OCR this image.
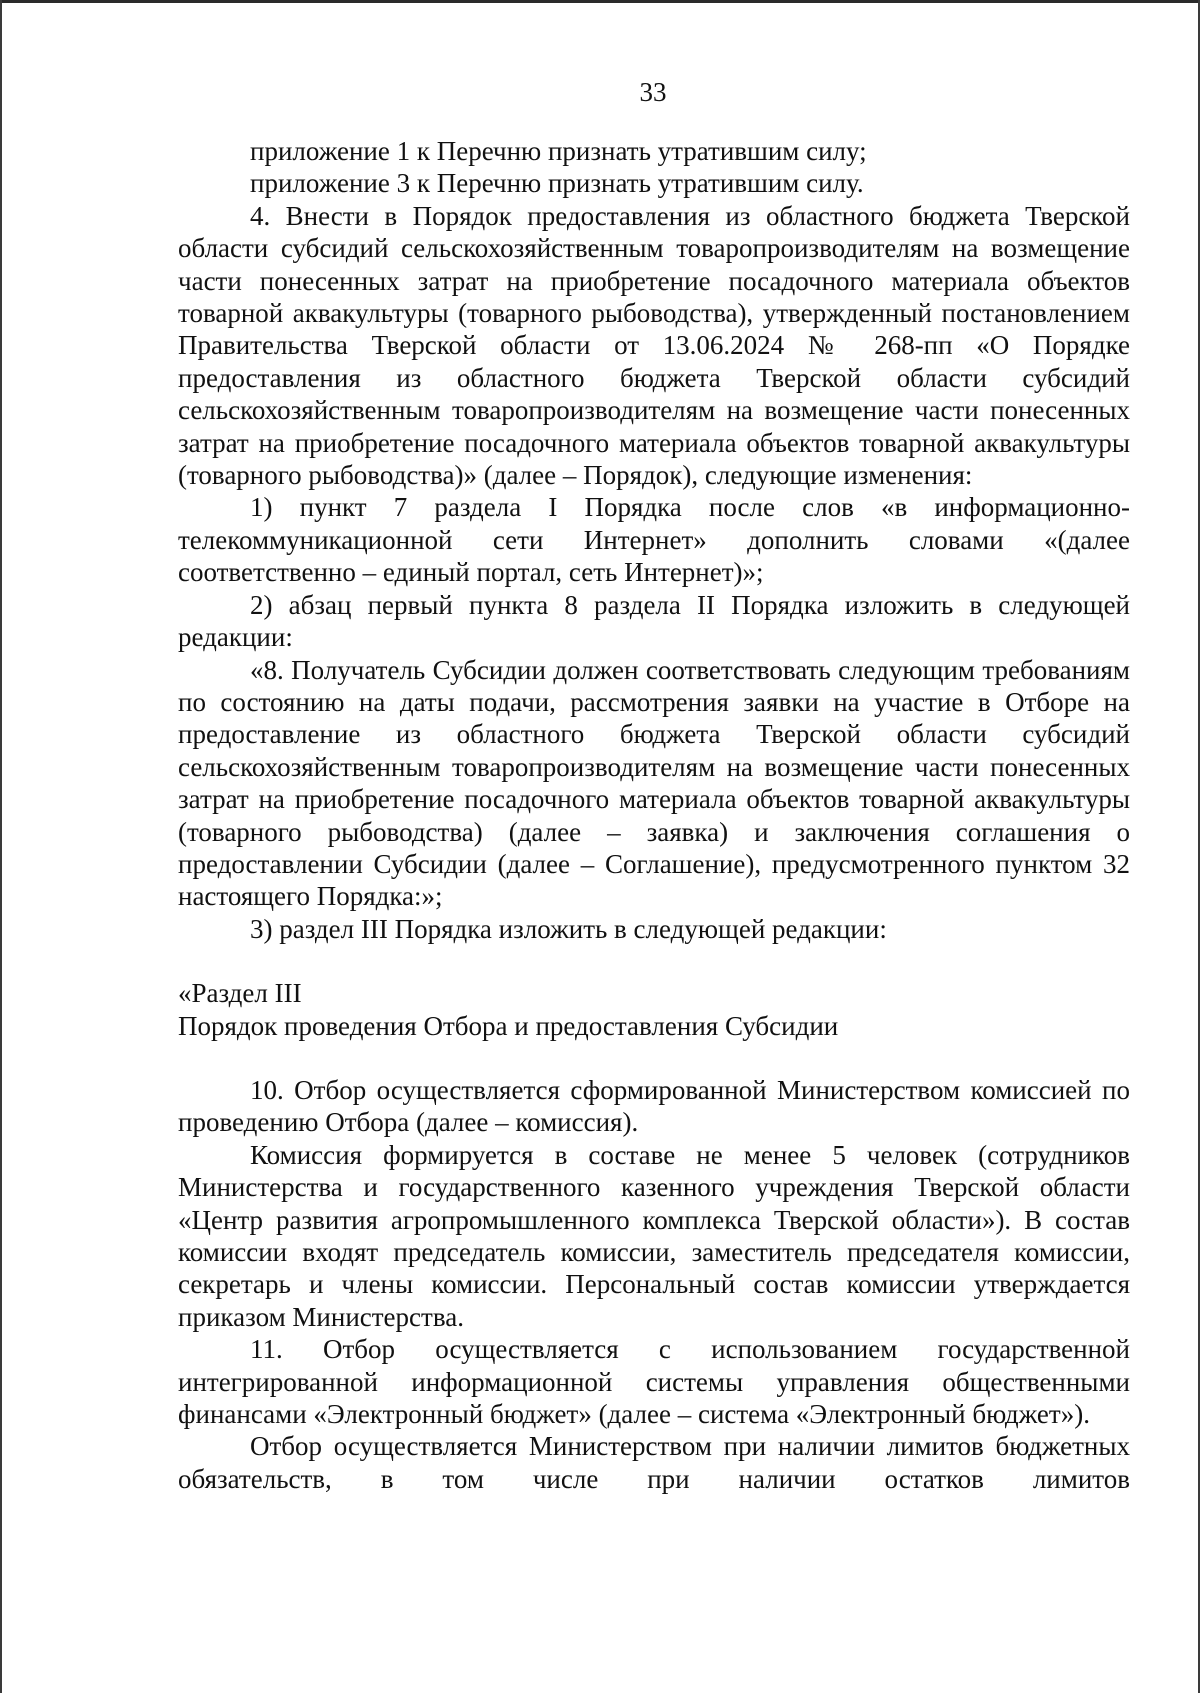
33

приложение 1 к Перечню признать утратившим силу;

приложение 3 к Перечню признать утратившим силу.

4. Внести в Порядок предоставления из областного бюджета Тверской области субсидий сельскохозяйственным товаропроизводителям на возмещение части понесенных затрат на приобретение посадочного материала объектов товарной аквакультуры (товарного рыбоводства), утвержденный постановлением Правительства Тверской области от 13.06.2024 № 268-пп «О Порядке предоставления из областного бюджета Тверской области субсидий сельскохозяйственным товаропроизводителям на возмещение части понесенных затрат на приобретение посадочного материала объектов товарной аквакультуры (товарного рыбоводства)» (далее – Порядок), следующие изменения:

1) пункт 7 раздела I Порядка после слов «в информационно-телекоммуникационной сети Интернет» дополнить словами «(далее соответственно – единый портал, сеть Интернет)»;

2) абзац первый пункта 8 раздела II Порядка изложить в следующей редакции:

«8. Получатель Субсидии должен соответствовать следующим требованиям по состоянию на даты подачи, рассмотрения заявки на участие в Отборе на предоставление из областного бюджета Тверской области субсидий сельскохозяйственным товаропроизводителям на возмещение части понесенных затрат на приобретение посадочного материала объектов товарной аквакультуры (товарного рыбоводства) (далее – заявка) и заключения соглашения о предоставлении Субсидии (далее – Соглашение), предусмотренного пунктом 32 настоящего Порядка:»;

3) раздел III Порядка изложить в следующей редакции:

«Раздел III

Порядок проведения Отбора и предоставления Субсидии

10. Отбор осуществляется сформированной Министерством комиссией по проведению Отбора (далее – комиссия).

Комиссия формируется в составе не менее 5 человек (сотрудников Министерства и государственного казенного учреждения Тверской области «Центр развития агропромышленного комплекса Тверской области»). В состав комиссии входят председатель комиссии, заместитель председателя комиссии, секретарь и члены комиссии. Персональный состав комиссии утверждается приказом Министерства.

11. Отбор осуществляется с использованием государственной интегрированной информационной системы управления общественными финансами «Электронный бюджет» (далее – система «Электронный бюджет»).

Отбор осуществляется Министерством при наличии лимитов бюджетных обязательств, в том числе при наличии остатков лимитов
